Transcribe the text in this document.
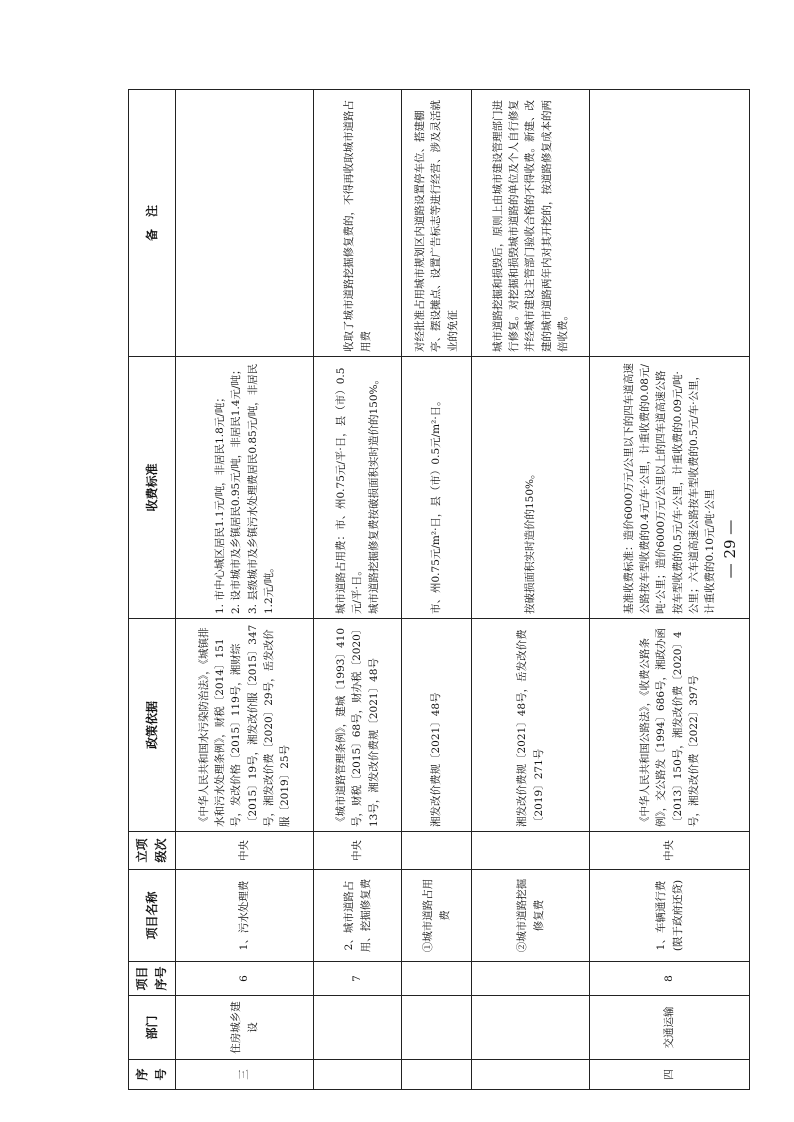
序号	部门	项目序号	项目名称	立项级次	政策依据	收费标准	备　注
三	住房城乡建设	6	1、污水处理费	中央	《中华人民共和国水污染防治法》，《城镇排水和污水处理条例》，财税〔2014〕151号，发改价格〔2015〕119号，湘财综〔2015〕19号，湘发改价服〔2015〕347号，湘发改价费〔2020〕29号，岳发改价服〔2019〕25号	1. 市中心城区居民1.1元/吨，非居民1.8元/吨；
2. 设市城市及乡镇居民0.95元/吨，非居民1.4元/吨；
3. 县级城市及乡镇污水处理费居民0.85元/吨，非居民1.2元/吨。	
		7	2、城市道路占用、挖掘修复费	中央	《城市道路管理条例》，建城〔1993〕410号，财税〔2015〕68号，财办税〔2020〕13号，湘发改价费规〔2021〕48号	城市道路占用费：市、州0.75元/平·日，县（市）0.5元/平·日。
城市道路挖掘修复费按破损面积实时造价的150%。	收取了城市道路挖掘修复费的，不得再收取城市道路占用费
			①城市道路占用费		湘发改价费规〔2021〕48号	市、州0.75元/m²·日，县（市）0.5元/m²·日。	对经批准占用城市规划区内道路设置停车位、搭建棚亭、摆设摊点、设置广告标志等进行经营、涉及灵活就业的免征
			②城市道路挖掘修复费		湘发改价费规〔2021〕48号，岳发改价费〔2019〕271号	按破损面积实时造价的150%。	城市道路挖掘和损毁后，原则上由城市建设管理部门进行修复。对挖掘和损毁城市道路的单位及个人自行修复并经城市建设主管部门验收合格的不得收费。新建、改建的城市道路两年内对其开挖的，按道路修复成本的两倍收费。
四	交通运输	8	1、车辆通行费(限于政府还贷)	中央	《中华人民共和国公路法》，《收费公路条例》，交公路发〔1994〕686号，湘政办函〔2013〕150号，湘发改价费〔2020〕4号，湘发改价费〔2022〕397号	基准收费标准：造价6000万元/公里以下的四车道高速公路按车型收费的0.4元/车·公里，计重收费的0.08元/吨·公里；造价6000万元/公里以上的四车道高速公路按车型收费的0.5元/车·公里，计重收费的0.09元/吨·公里；六车道高速公路按车型收费的0.5元/车·公里，计重收费的0.10元/吨·公里	— 29 —
